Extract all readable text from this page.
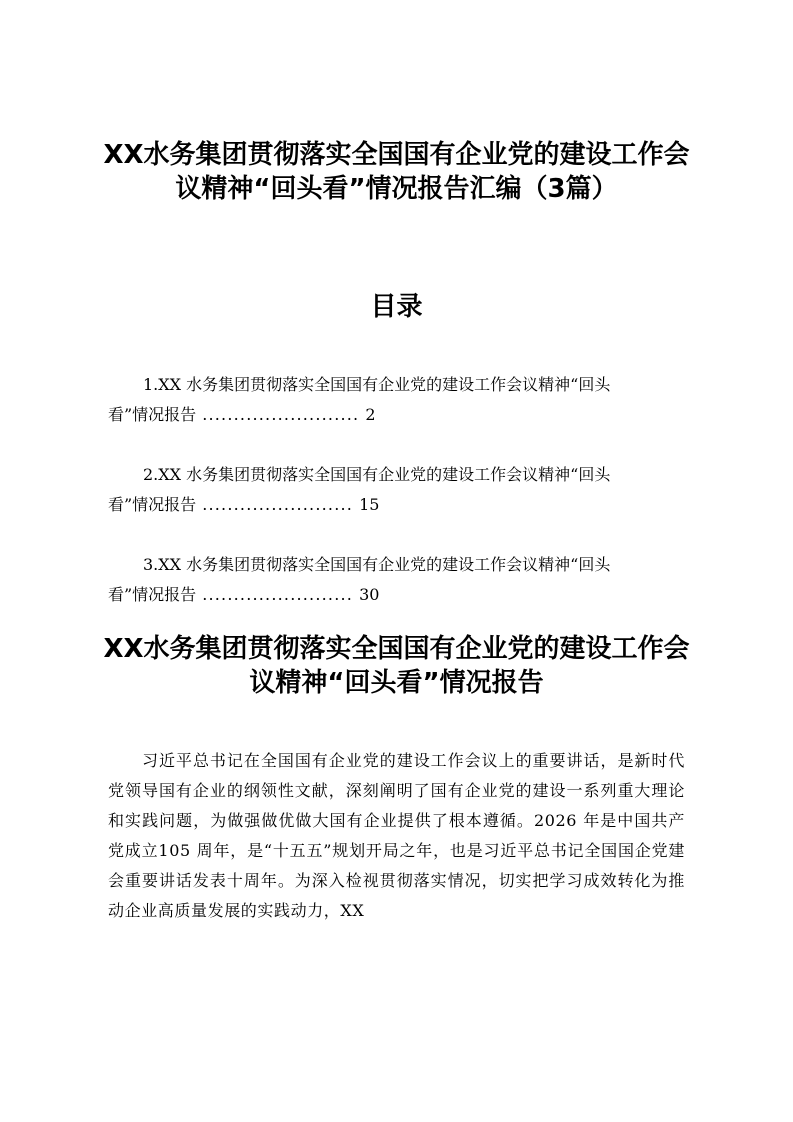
XX水务集团贯彻落实全国国有企业党的建设工作会议精神“回头看”情况报告汇编（3篇）
目录
1.XX 水务集团贯彻落实全国国有企业党的建设工作会议精神“回头
看”情况报告 ......................... 2
2.XX 水务集团贯彻落实全国国有企业党的建设工作会议精神“回头
看”情况报告 ........................ 15
3.XX 水务集团贯彻落实全国国有企业党的建设工作会议精神“回头
看”情况报告 ........................ 30
XX水务集团贯彻落实全国国有企业党的建设工作会议精神“回头看”情况报告

习近平总书记在全国国有企业党的建设工作会议上的重要讲话，是新时代党领导国有企业的纲领性文献，深刻阐明了国有企业党的建设一系列重大理论和实践问题，为做强做优做大国有企业提供了根本遵循。2026 年是中国共产党成立105 周年，是“十五五”规划开局之年，也是习近平总书记全国国企党建会重要讲话发表十周年。为深入检视贯彻落实情况，切实把学习成效转化为推动企业高质量发展的实践动力，XX
